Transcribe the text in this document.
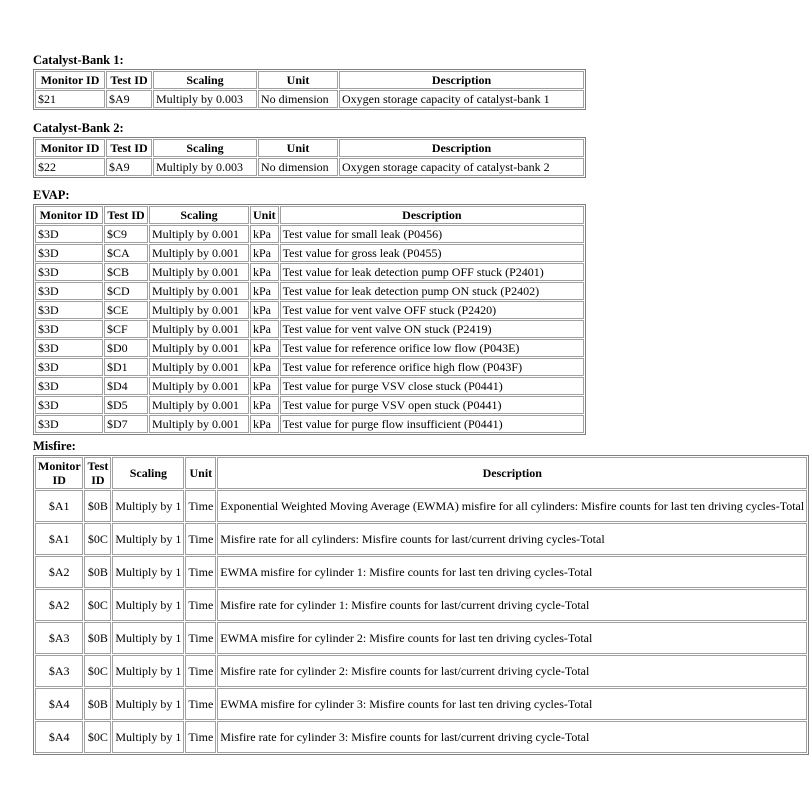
Catalyst-Bank 1:
Monitor ID	Test ID	Scaling	Unit	Description
$21	$A9	Multiply by 0.003	No dimension	Oxygen storage capacity of catalyst-bank 1
Catalyst-Bank 2:
Monitor ID	Test ID	Scaling	Unit	Description
$22	$A9	Multiply by 0.003	No dimension	Oxygen storage capacity of catalyst-bank 2
EVAP:
Monitor ID	Test ID	Scaling	Unit	Description
$3D	$C9	Multiply by 0.001	kPa	Test value for small leak (P0456)
$3D	$CA	Multiply by 0.001	kPa	Test value for gross leak (P0455)
$3D	$CB	Multiply by 0.001	kPa	Test value for leak detection pump OFF stuck (P2401)
$3D	$CD	Multiply by 0.001	kPa	Test value for leak detection pump ON stuck (P2402)
$3D	$CE	Multiply by 0.001	kPa	Test value for vent valve OFF stuck (P2420)
$3D	$CF	Multiply by 0.001	kPa	Test value for vent valve ON stuck (P2419)
$3D	$D0	Multiply by 0.001	kPa	Test value for reference orifice low flow (P043E)
$3D	$D1	Multiply by 0.001	kPa	Test value for reference orifice high flow (P043F)
$3D	$D4	Multiply by 0.001	kPa	Test value for purge VSV close stuck (P0441)
$3D	$D5	Multiply by 0.001	kPa	Test value for purge VSV open stuck (P0441)
$3D	$D7	Multiply by 0.001	kPa	Test value for purge flow insufficient (P0441)
Misfire:
Monitor ID	Test ID	Scaling	Unit	Description
$A1	$0B	Multiply by 1	Time	Exponential Weighted Moving Average (EWMA) misfire for all cylinders: Misfire counts for last ten driving cycles-Total
$A1	$0C	Multiply by 1	Time	Misfire rate for all cylinders: Misfire counts for last/current driving cycles-Total
$A2	$0B	Multiply by 1	Time	EWMA misfire for cylinder 1: Misfire counts for last ten driving cycles-Total
$A2	$0C	Multiply by 1	Time	Misfire rate for cylinder 1: Misfire counts for last/current driving cycle-Total
$A3	$0B	Multiply by 1	Time	EWMA misfire for cylinder 2: Misfire counts for last ten driving cycles-Total
$A3	$0C	Multiply by 1	Time	Misfire rate for cylinder 2: Misfire counts for last/current driving cycle-Total
$A4	$0B	Multiply by 1	Time	EWMA misfire for cylinder 3: Misfire counts for last ten driving cycles-Total
$A4	$0C	Multiply by 1	Time	Misfire rate for cylinder 3: Misfire counts for last/current driving cycle-Total
